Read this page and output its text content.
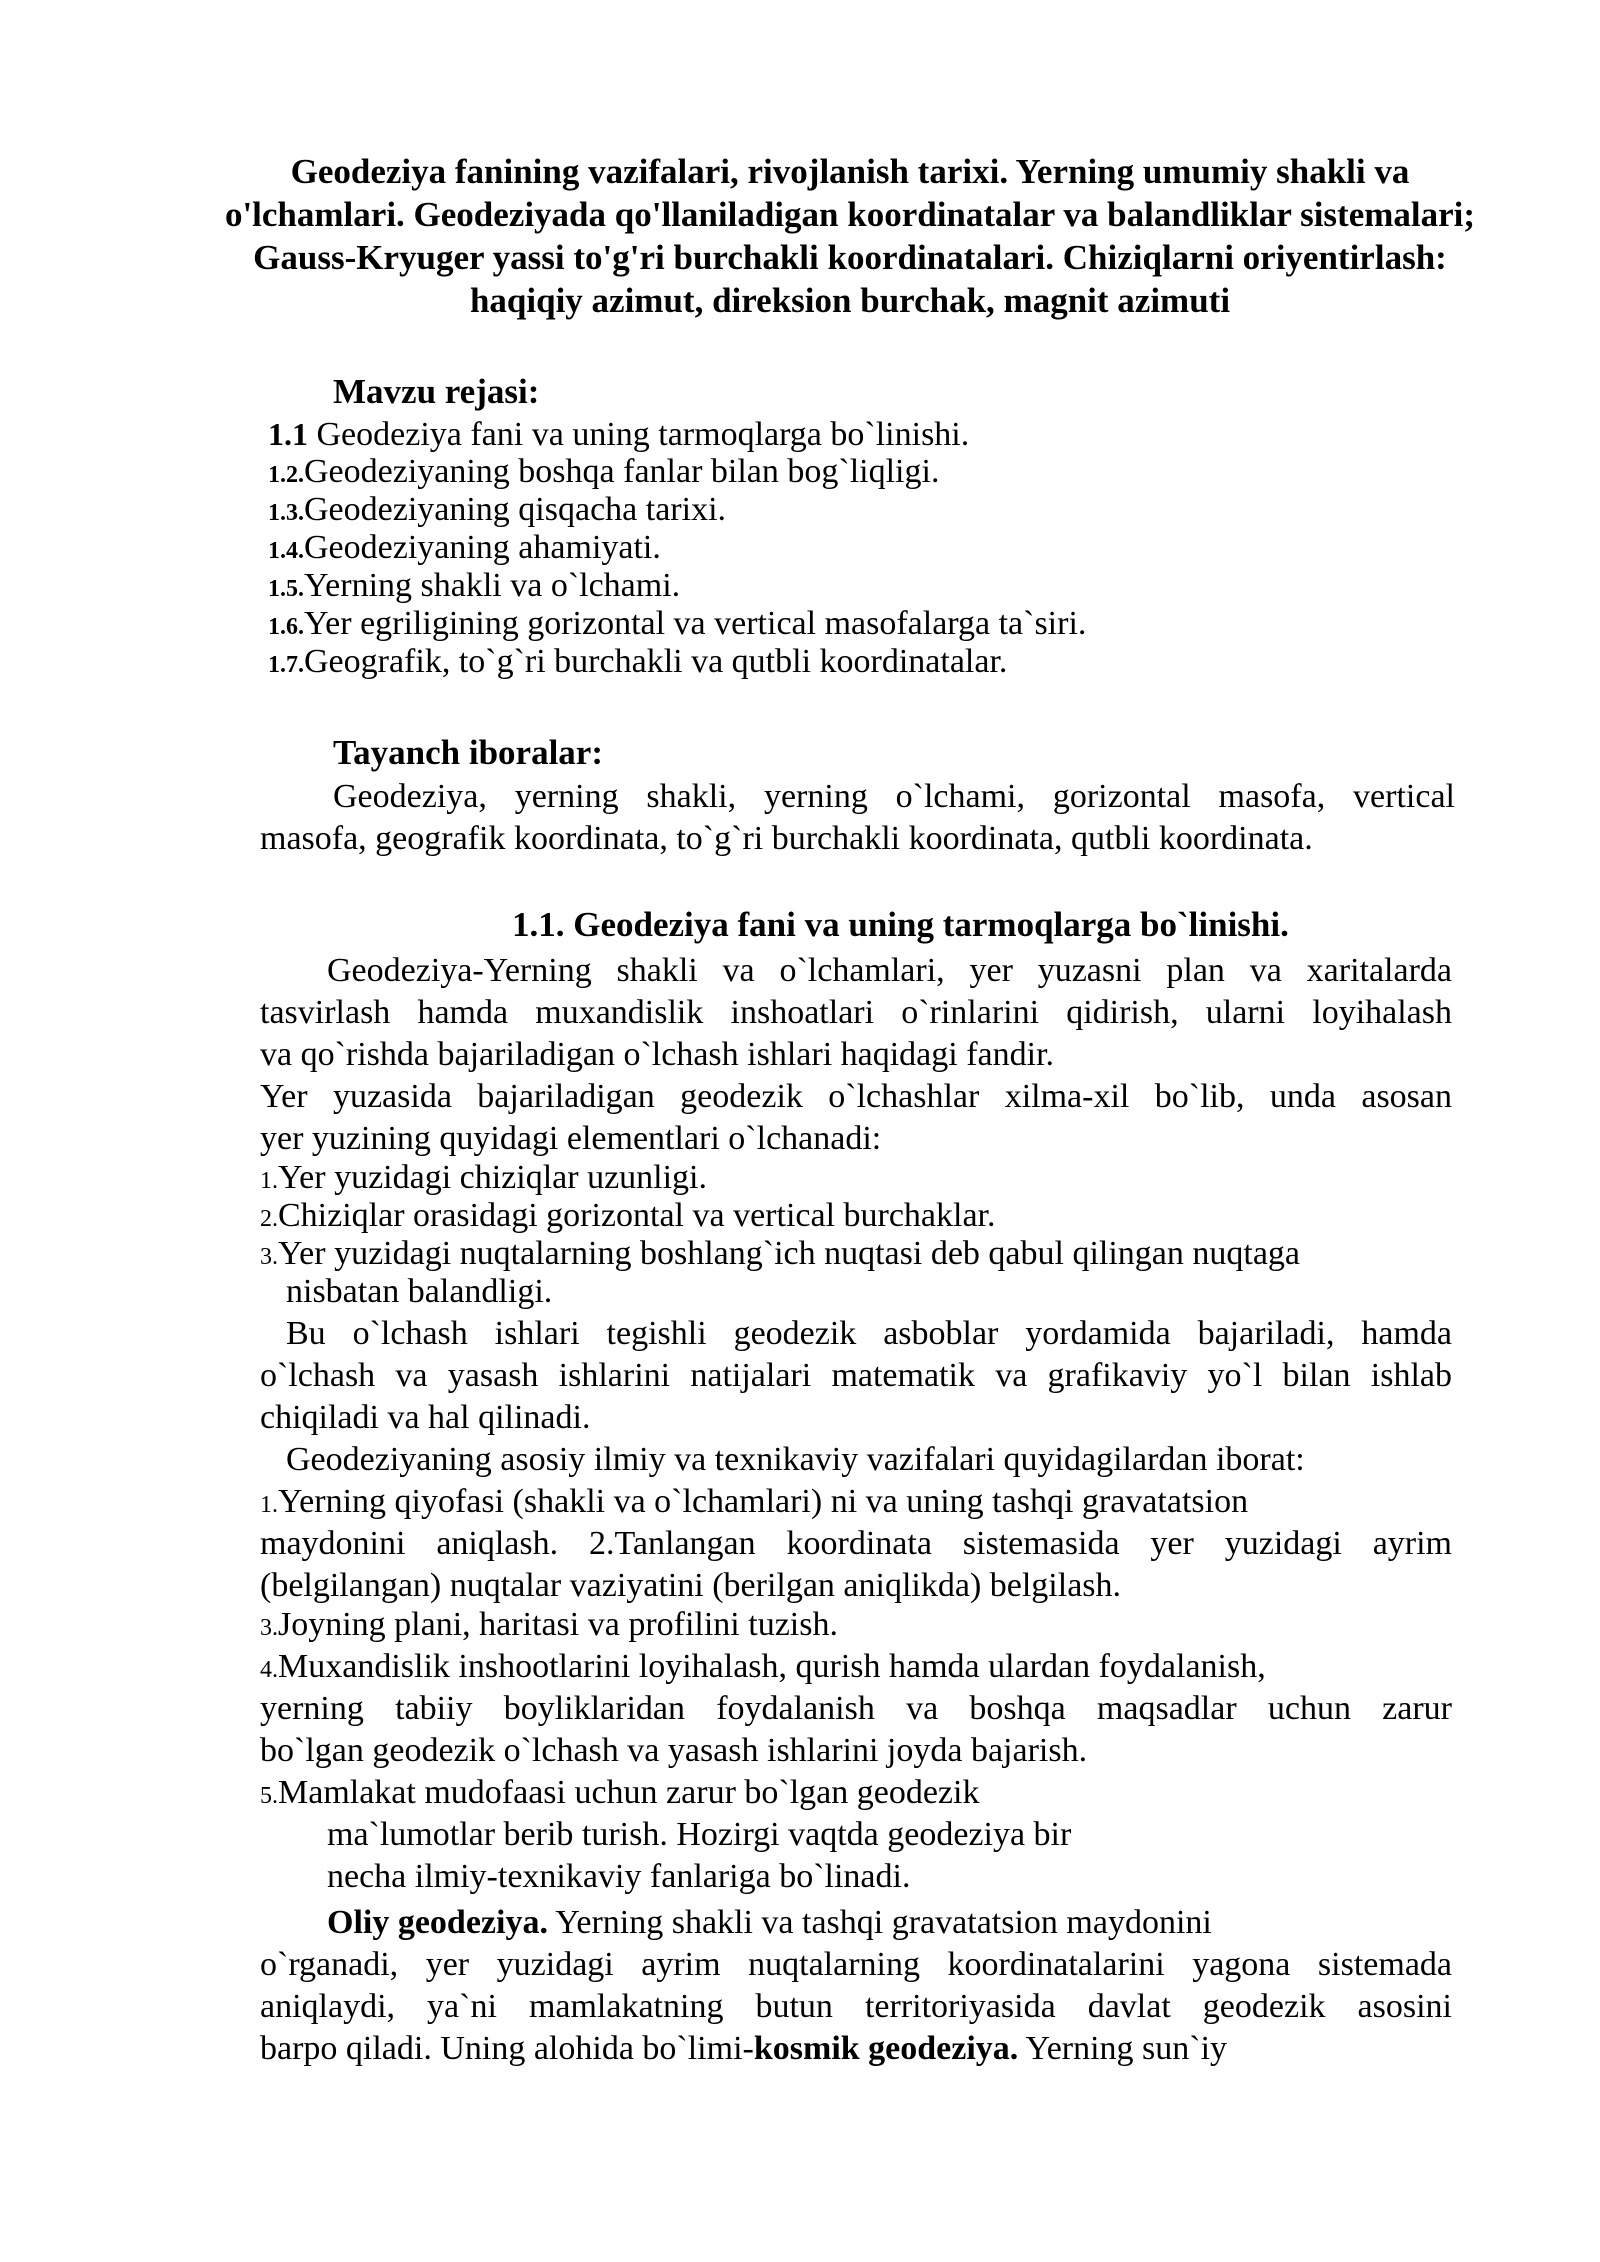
Geodeziya fanining vazifalari, rivojlanish tarixi. Yerning umumiy shakli va o'lchamlari. Geodeziyada qo'llaniladigan koordinatalar va balandliklar sistemalari; Gauss-Kryuger yassi to'g'ri burchakli koordinatalari. Chiziqlarni oriyentirlash: haqiqiy azimut, direksion burchak, magnit azimuti

Mavzu rejasi:
1.1 Geodeziya fani va uning tarmoqlarga bo`linishi.
1.2.Geodeziyaning boshqa fanlar bilan bog`liqligi.
1.3.Geodeziyaning qisqacha tarixi.
1.4.Geodeziyaning ahamiyati.
1.5.Yerning shakli va o`lchami.
1.6.Yer egriligining gorizontal va vertical masofalarga ta`siri.
1.7.Geografik, to`g`ri burchakli va qutbli koordinatalar.
Tayanch iboralar:
Geodeziya, yerning shakli, yerning o`lchami, gorizontal masofa, vertical
masofa, geografik koordinata, to`g`ri burchakli koordinata, qutbli koordinata.
1.1. Geodeziya fani va uning tarmoqlarga bo`linishi.
Geodeziya-Yerning shakli va o`lchamlari, yer yuzasni plan va xaritalarda
tasvirlash hamda muxandislik inshoatlari o`rinlarini qidirish, ularni loyihalash
va qo`rishda bajariladigan o`lchash ishlari haqidagi fandir.
Yer yuzasida bajariladigan geodezik o`lchashlar xilma-xil bo`lib, unda asosan
yer yuzining quyidagi elementlari o`lchanadi:
1.Yer yuzidagi chiziqlar uzunligi.
2.Chiziqlar orasidagi gorizontal va vertical burchaklar.
3.Yer yuzidagi nuqtalarning boshlang`ich nuqtasi deb qabul qilingan nuqtaga
nisbatan balandligi.
Bu o`lchash ishlari tegishli geodezik asboblar yordamida bajariladi, hamda
o`lchash va yasash ishlarini natijalari matematik va grafikaviy yo`l bilan ishlab
chiqiladi va hal qilinadi.
Geodeziyaning asosiy ilmiy va texnikaviy vazifalari quyidagilardan iborat:
1.Yerning qiyofasi (shakli va o`lchamlari) ni va uning tashqi gravatatsion
maydonini aniqlash. 2.Tanlangan koordinata sistemasida yer yuzidagi ayrim
(belgilangan) nuqtalar vaziyatini (berilgan aniqlikda) belgilash.
3.Joyning plani, haritasi va profilini tuzish.
4.Muxandislik inshootlarini loyihalash, qurish hamda ulardan foydalanish,
yerning tabiiy boyliklaridan foydalanish va boshqa maqsadlar uchun zarur
bo`lgan geodezik o`lchash va yasash ishlarini joyda bajarish.
5.Mamlakat mudofaasi uchun zarur bo`lgan geodezik
ma`lumotlar berib turish. Hozirgi vaqtda geodeziya bir
necha ilmiy-texnikaviy fanlariga bo`linadi.
Oliy geodeziya. Yerning shakli va tashqi gravatatsion maydonini
o`rganadi, yer yuzidagi ayrim nuqtalarning koordinatalarini yagona sistemada
aniqlaydi, ya`ni mamlakatning butun territoriyasida davlat geodezik asosini
barpo qiladi. Uning alohida bo`limi-kosmik geodeziya. Yerning sun`iy
